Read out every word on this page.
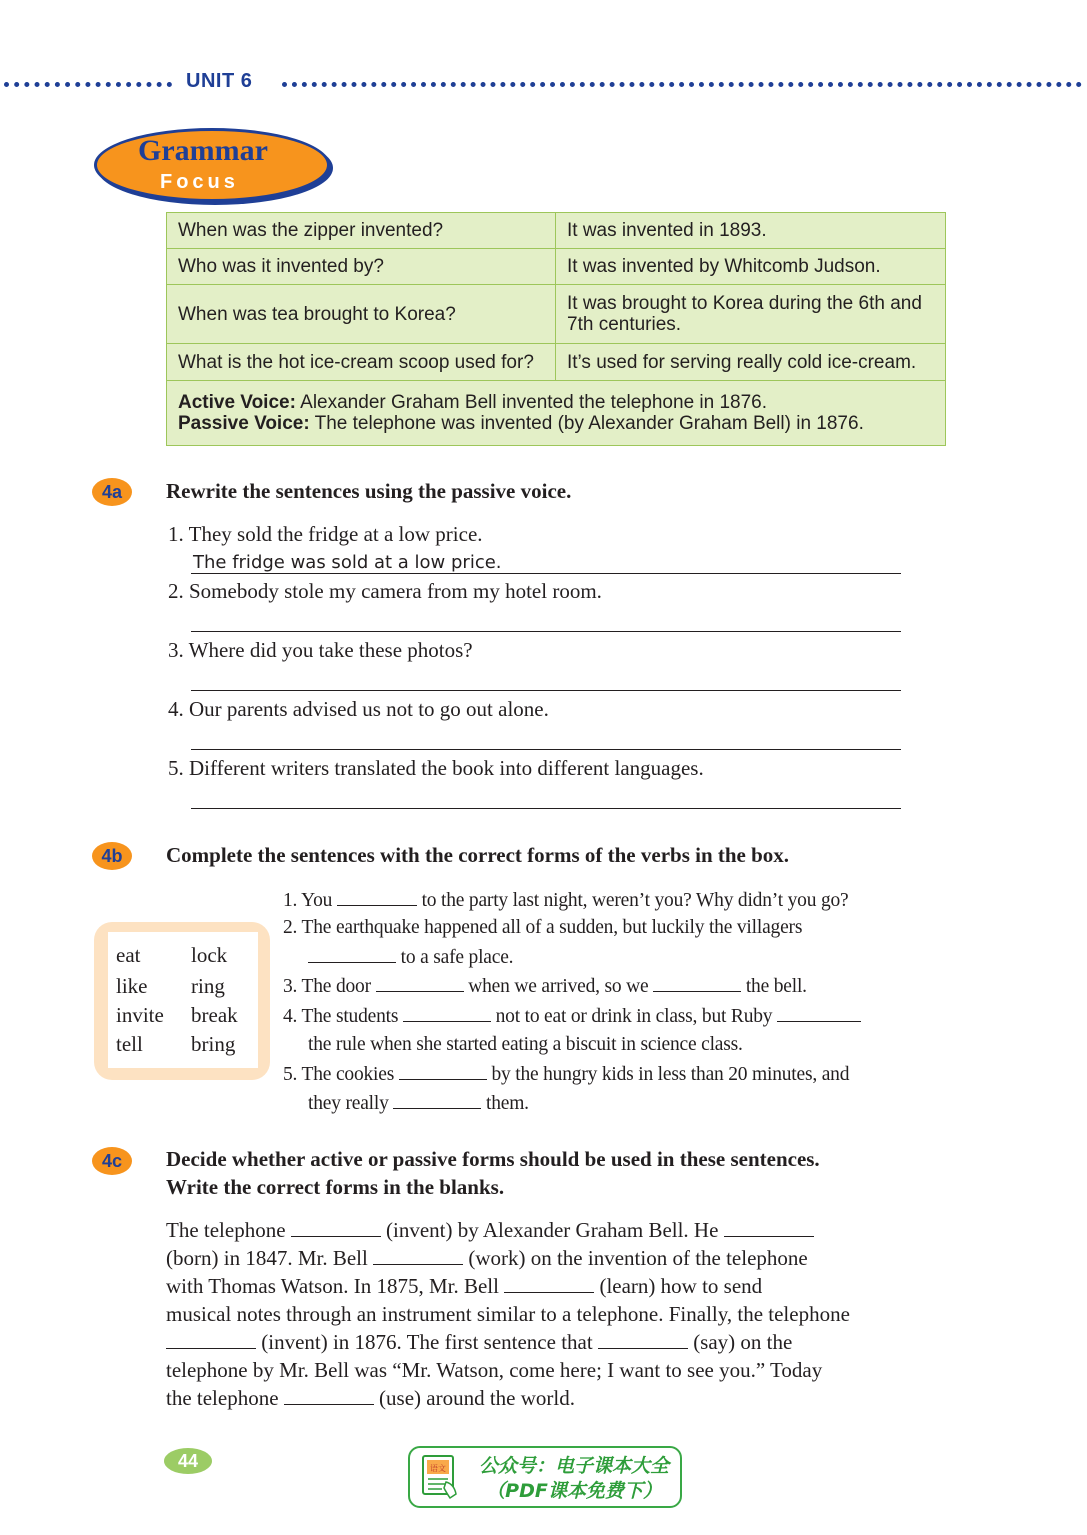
UNIT 6
Grammar
Focus
When was the zipper invented?	It was invented in 1893.
Who was it invented by?	It was invented by Whitcomb Judson.
When was tea brought to Korea?	It was brought to Korea during the 6th and 7th centuries.
What is the hot ice-cream scoop used for?	It’s used for serving really cold ice-cream.
Active Voice: Alexander Graham Bell invented the telephone in 1876.
Passive Voice: The telephone was invented (by Alexander Graham Bell) in 1876.	
4a	Rewrite the sentences using the passive voice.
1. They sold the fridge at a low price.
The fridge was sold at a low price.
2. Somebody stole my camera from my hotel room.
3. Where did you take these photos?
4. Our parents advised us not to go out alone.
5. Different writers translated the book into different languages.
4b	Complete the sentences with the correct forms of the verbs in the box.
eat lock
like ring
invite break
tell bring
1. You	to the party last night, weren’t you? Why didn’t you go?
2. The earthquake happened all of a sudden, but luckily the villagers
to a safe place.
3. The door	when we arrived, so we	the bell.
4. The students	not to eat or drink in class, but Ruby
the rule when she started eating a biscuit in science class.
5. The cookies	by the hungry kids in less than 20 minutes, and
they really	them.
4c	Decide whether active or passive forms should be used in these sentences.
Write the correct forms in the blanks.
The telephone	(invent) by Alexander Graham Bell. He
(born) in 1847. Mr. Bell	(work) on the invention of the telephone
with Thomas Watson. In 1875, Mr. Bell	(learn) how to send
musical notes through an instrument similar to a telephone. Finally, the telephone
(invent) in 1876. The first sentence that	(say) on the
telephone by Mr. Bell was “Mr. Watson, come here; I want to see you.” Today
the telephone	(use) around the world.
44	语文	公众号：电子课本大全
（PDF课本免费下）
